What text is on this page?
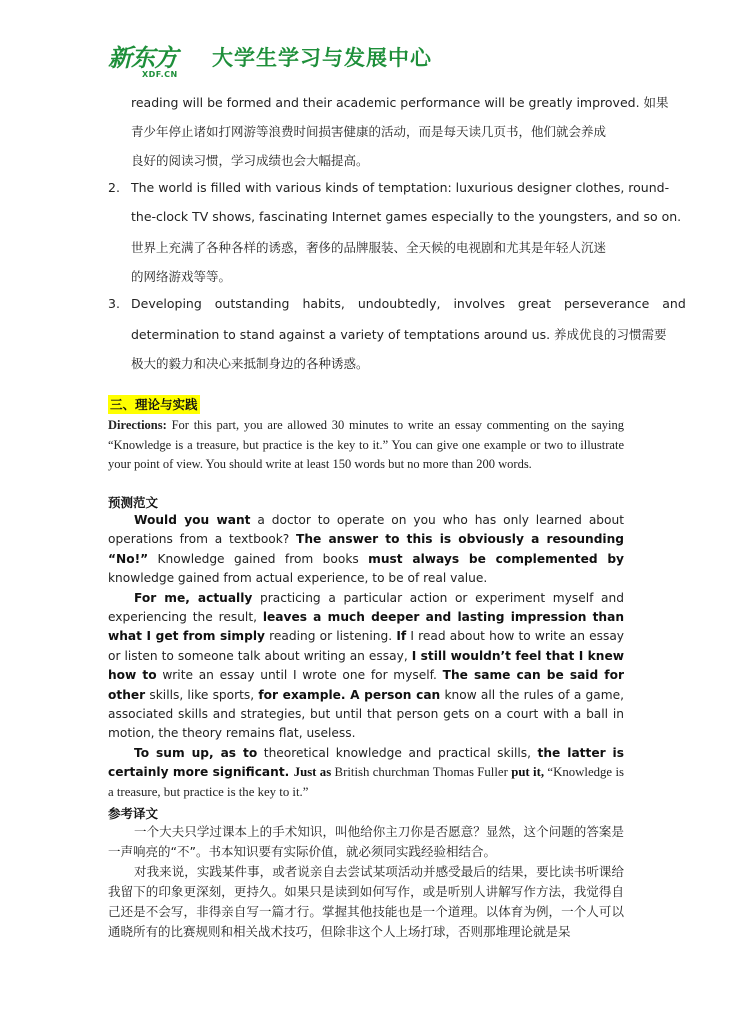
新东方
XDF.CN
大学生学习与发展中心
reading will be formed and their academic performance will be greatly improved. 如果
青少年停止诸如打网游等浪费时间损害健康的活动，而是每天读几页书，他们就会养成
良好的阅读习惯，学习成绩也会大幅提高。
2. The world is filled with various kinds of temptation: luxurious designer clothes, round-
the-clock TV shows, fascinating Internet games especially to the youngsters, and so on.
世界上充满了各种各样的诱惑，奢侈的品牌服装、全天候的电视剧和尤其是年轻人沉迷
的网络游戏等等。
3. Developing outstanding habits, undoubtedly, involves great perseverance and
determination to stand against a variety of temptations around us. 养成优良的习惯需要
极大的毅力和决心来抵制身边的各种诱惑。
三、理论与实践
Directions: For this part, you are allowed 30 minutes to write an essay commenting on the saying “Knowledge is a treasure, but practice is the key to it.” You can give one example or two to illustrate your point of view. You should write at least 150 words but no more than 200 words.
预测范文

Would you want a doctor to operate on you who has only learned about operations from a textbook? The answer to this is obviously a resounding “No!” Knowledge gained from books must always be complemented by knowledge gained from actual experience, to be of real value.

For me, actually practicing a particular action or experiment myself and experiencing the result, leaves a much deeper and lasting impression than what I get from simply reading or listening. If I read about how to write an essay or listen to someone talk about writing an essay, I still wouldn’t feel that I knew how to write an essay until I wrote one for myself. The same can be said for other skills, like sports, for example. A person can know all the rules of a game, associated skills and strategies, but until that person gets on a court with a ball in motion, the theory remains flat, useless.

To sum up, as to theoretical knowledge and practical skills, the latter is certainly more significant. Just as British churchman Thomas Fuller put it, “Knowledge is a treasure, but practice is the key to it.”

参考译文

一个大夫只学过课本上的手术知识，叫他给你主刀你是否愿意？显然，这个问题的答案是一声响亮的“不”。书本知识要有实际价值，就必须同实践经验相结合。

对我来说，实践某件事，或者说亲自去尝试某项活动并感受最后的结果，要比读书听课给我留下的印象更深刻，更持久。如果只是读到如何写作，或是听别人讲解写作方法，我觉得自己还是不会写，非得亲自写一篇才行。掌握其他技能也是一个道理。以体育为例，一个人可以通晓所有的比赛规则和相关战术技巧，但除非这个人上场打球，否则那堆理论就是呆
